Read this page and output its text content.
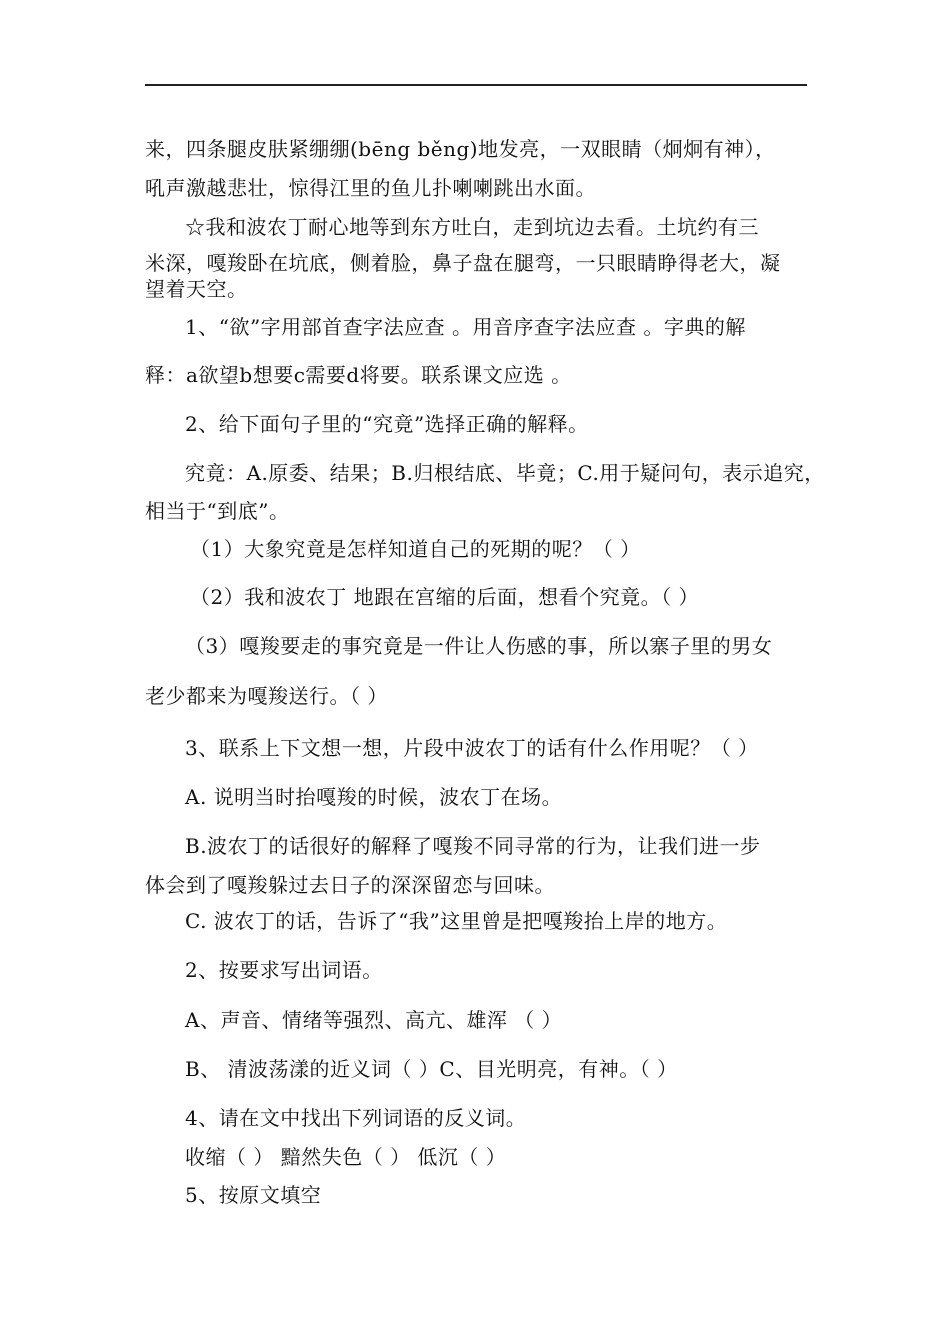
来，四条腿皮肤紧绷绷(bēng běng)地发亮，一双眼睛（炯炯有神），
吼声激越悲壮，惊得江里的鱼儿扑喇喇跳出水面。
☆我和波农丁耐心地等到东方吐白，走到坑边去看。土坑约有三
米深，嘎羧卧在坑底，侧着脸，鼻子盘在腿弯，一只眼睛睁得老大，凝
望着天空。
1、“欲”字用部首查字法应查 。用音序查字法应查 。字典的解
释：a欲望b想要c需要d将要。联系课文应选 。
2、给下面句子里的“究竟”选择正确的解释。
究竟：A.原委、结果；B.归根结底、毕竟；C.用于疑问句，表示追究，
相当于“到底”。
（1）大象究竟是怎样知道自己的死期的呢？（ ）
（2）我和波农丁 地跟在宫缩的后面，想看个究竟。（ ）
（3）嘎羧要走的事究竟是一件让人伤感的事，所以寨子里的男女
老少都来为嘎羧送行。（ ）
3、联系上下文想一想，片段中波农丁的话有什么作用呢？（ ）
A. 说明当时抬嘎羧的时候，波农丁在场。
B.波农丁的话很好的解释了嘎羧不同寻常的行为，让我们进一步
体会到了嘎羧躲过去日子的深深留恋与回味。
C. 波农丁的话，告诉了“我”这里曾是把嘎羧抬上岸的地方。
2、按要求写出词语。
A、声音、情绪等强烈、高亢、雄浑 （ ）
B、 清波荡漾的近义词（ ）C、目光明亮，有神。（ ）
4、请在文中找出下列词语的反义词。
收缩（ ） 黯然失色（ ） 低沉（ ）
5、按原文填空
